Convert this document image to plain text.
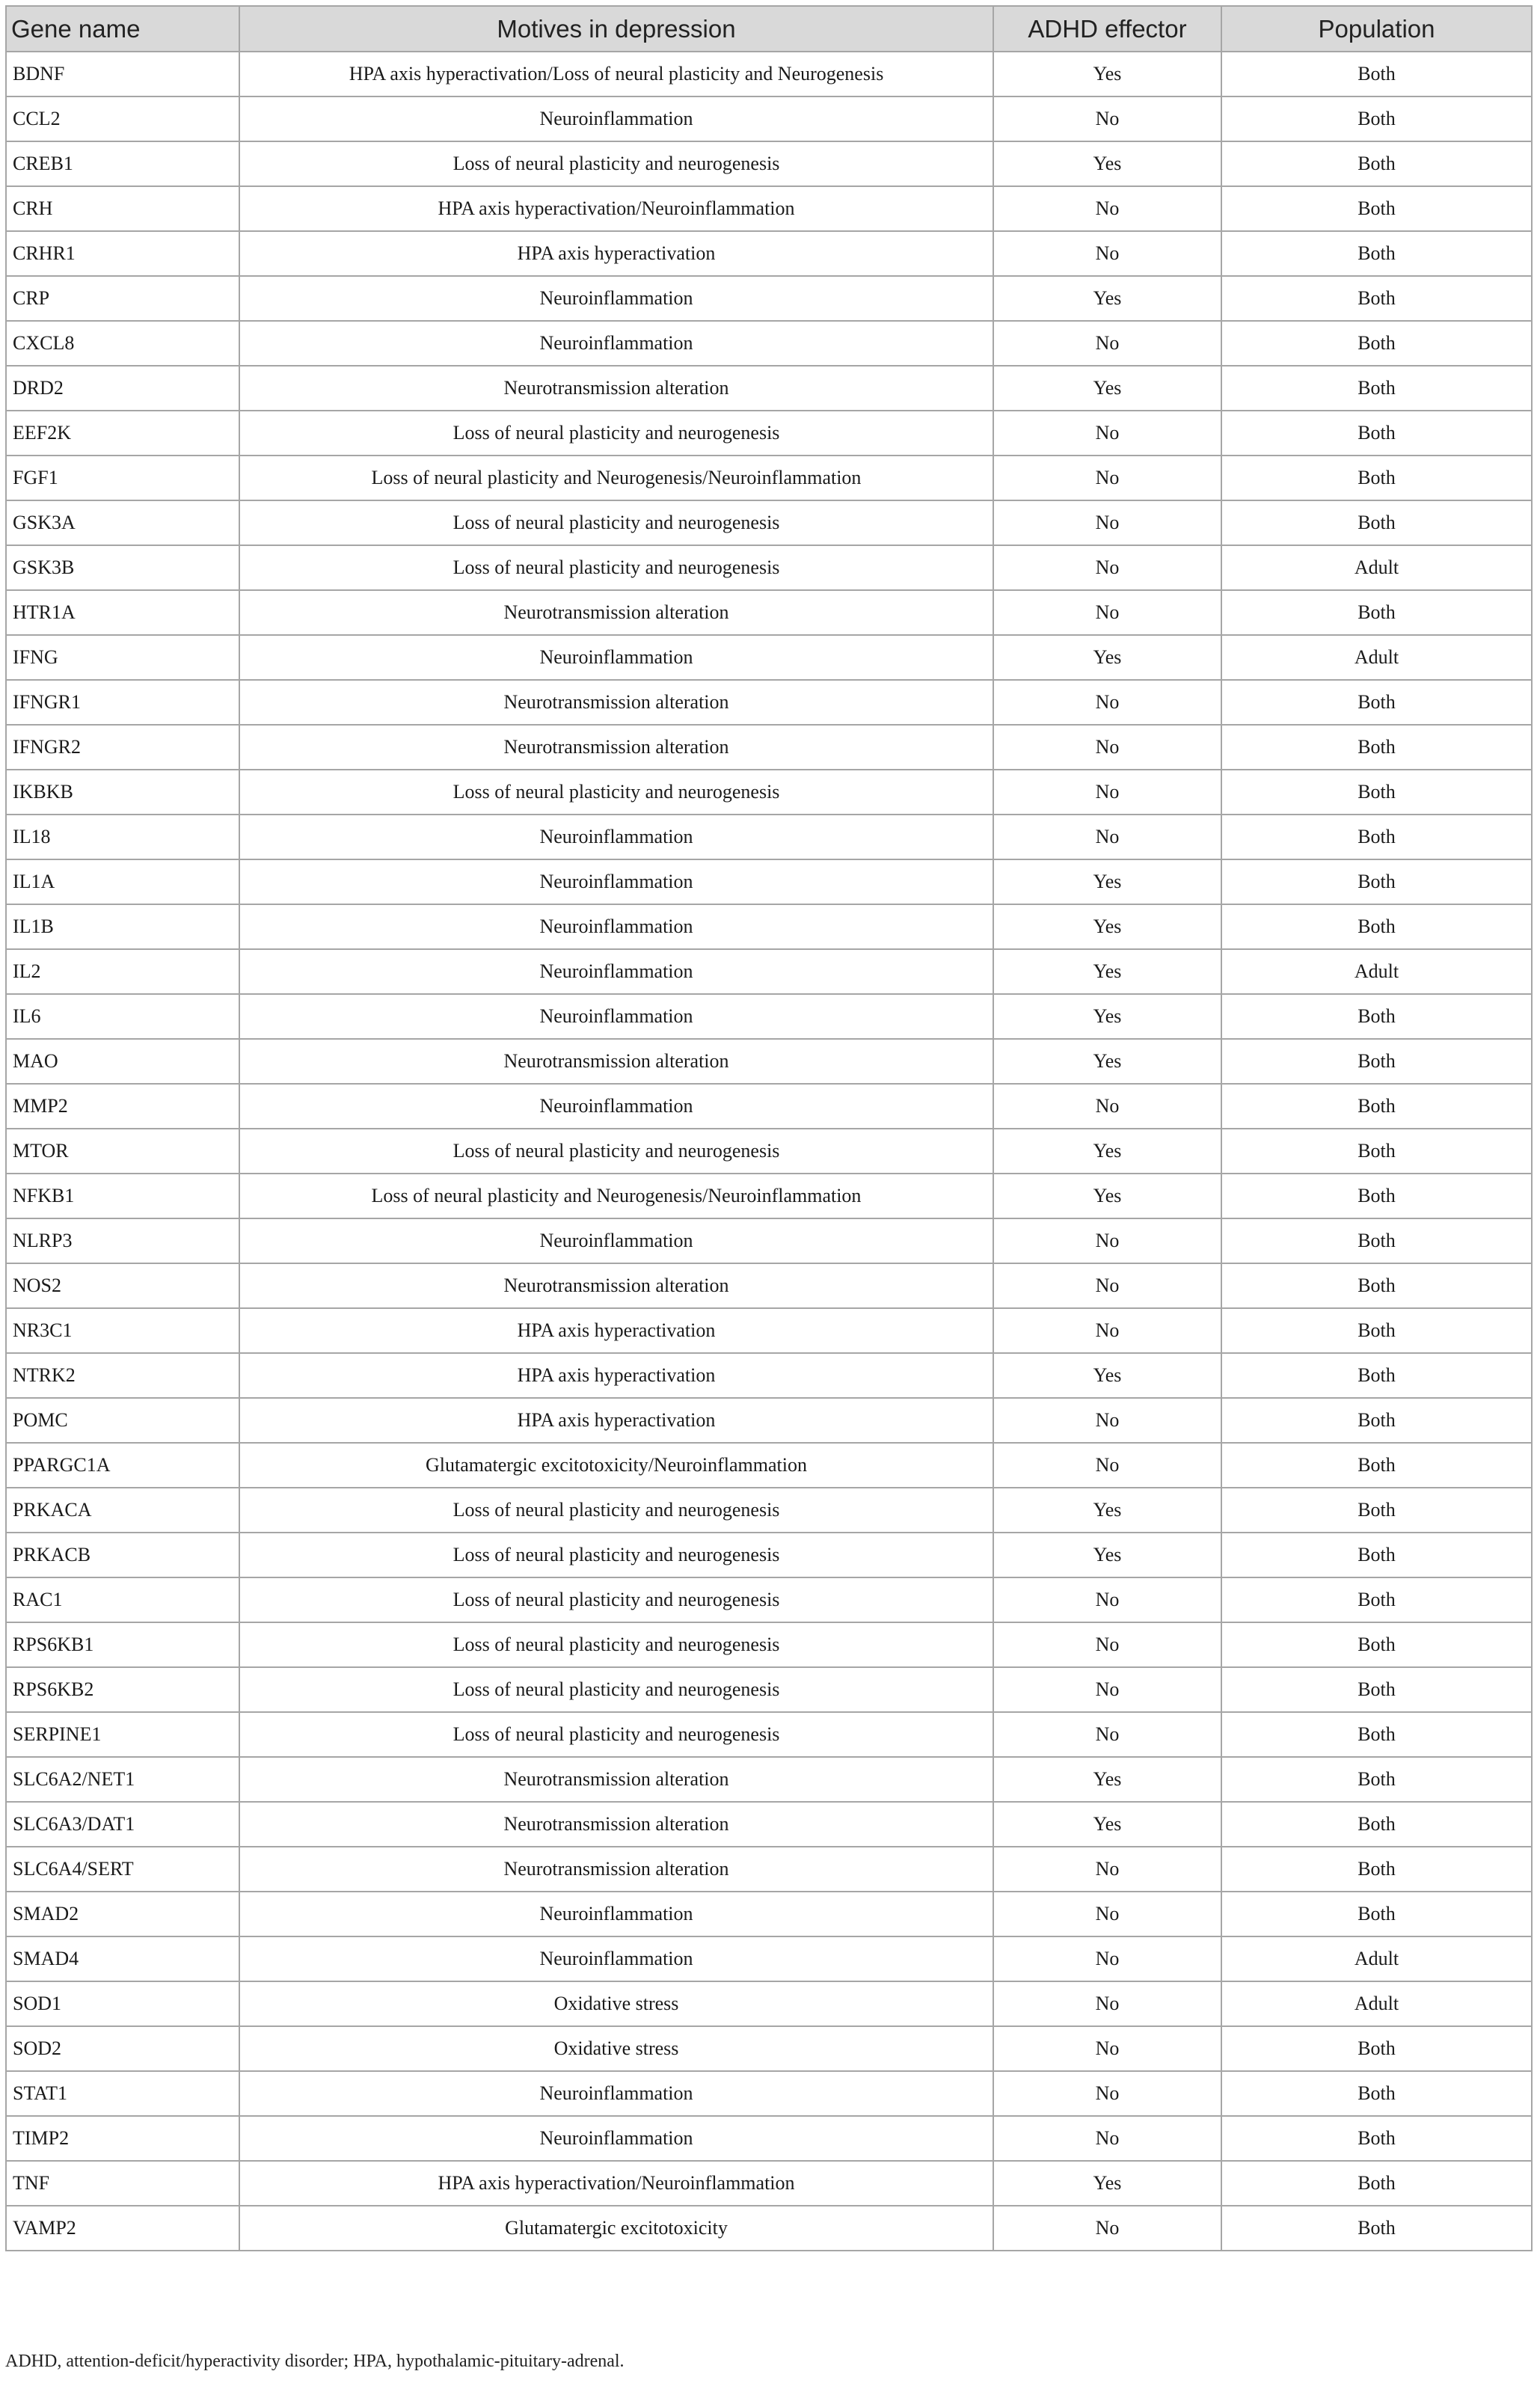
Gene name	Motives in depression	ADHD effector	Population
BDNF	HPA axis hyperactivation/Loss of neural plasticity and Neurogenesis	Yes	Both
CCL2	Neuroinflammation	No	Both
CREB1	Loss of neural plasticity and neurogenesis	Yes	Both
CRH	HPA axis hyperactivation/Neuroinflammation	No	Both
CRHR1	HPA axis hyperactivation	No	Both
CRP	Neuroinflammation	Yes	Both
CXCL8	Neuroinflammation	No	Both
DRD2	Neurotransmission alteration	Yes	Both
EEF2K	Loss of neural plasticity and neurogenesis	No	Both
FGF1	Loss of neural plasticity and Neurogenesis/Neuroinflammation	No	Both
GSK3A	Loss of neural plasticity and neurogenesis	No	Both
GSK3B	Loss of neural plasticity and neurogenesis	No	Adult
HTR1A	Neurotransmission alteration	No	Both
IFNG	Neuroinflammation	Yes	Adult
IFNGR1	Neurotransmission alteration	No	Both
IFNGR2	Neurotransmission alteration	No	Both
IKBKB	Loss of neural plasticity and neurogenesis	No	Both
IL18	Neuroinflammation	No	Both
IL1A	Neuroinflammation	Yes	Both
IL1B	Neuroinflammation	Yes	Both
IL2	Neuroinflammation	Yes	Adult
IL6	Neuroinflammation	Yes	Both
MAO	Neurotransmission alteration	Yes	Both
MMP2	Neuroinflammation	No	Both
MTOR	Loss of neural plasticity and neurogenesis	Yes	Both
NFKB1	Loss of neural plasticity and Neurogenesis/Neuroinflammation	Yes	Both
NLRP3	Neuroinflammation	No	Both
NOS2	Neurotransmission alteration	No	Both
NR3C1	HPA axis hyperactivation	No	Both
NTRK2	HPA axis hyperactivation	Yes	Both
POMC	HPA axis hyperactivation	No	Both
PPARGC1A	Glutamatergic excitotoxicity/Neuroinflammation	No	Both
PRKACA	Loss of neural plasticity and neurogenesis	Yes	Both
PRKACB	Loss of neural plasticity and neurogenesis	Yes	Both
RAC1	Loss of neural plasticity and neurogenesis	No	Both
RPS6KB1	Loss of neural plasticity and neurogenesis	No	Both
RPS6KB2	Loss of neural plasticity and neurogenesis	No	Both
SERPINE1	Loss of neural plasticity and neurogenesis	No	Both
SLC6A2/NET1	Neurotransmission alteration	Yes	Both
SLC6A3/DAT1	Neurotransmission alteration	Yes	Both
SLC6A4/SERT	Neurotransmission alteration	No	Both
SMAD2	Neuroinflammation	No	Both
SMAD4	Neuroinflammation	No	Adult
SOD1	Oxidative stress	No	Adult
SOD2	Oxidative stress	No	Both
STAT1	Neuroinflammation	No	Both
TIMP2	Neuroinflammation	No	Both
TNF	HPA axis hyperactivation/Neuroinflammation	Yes	Both
VAMP2	Glutamatergic excitotoxicity	No	Both
ADHD, attention-deficit/hyperactivity disorder; HPA, hypothalamic-pituitary-adrenal.
